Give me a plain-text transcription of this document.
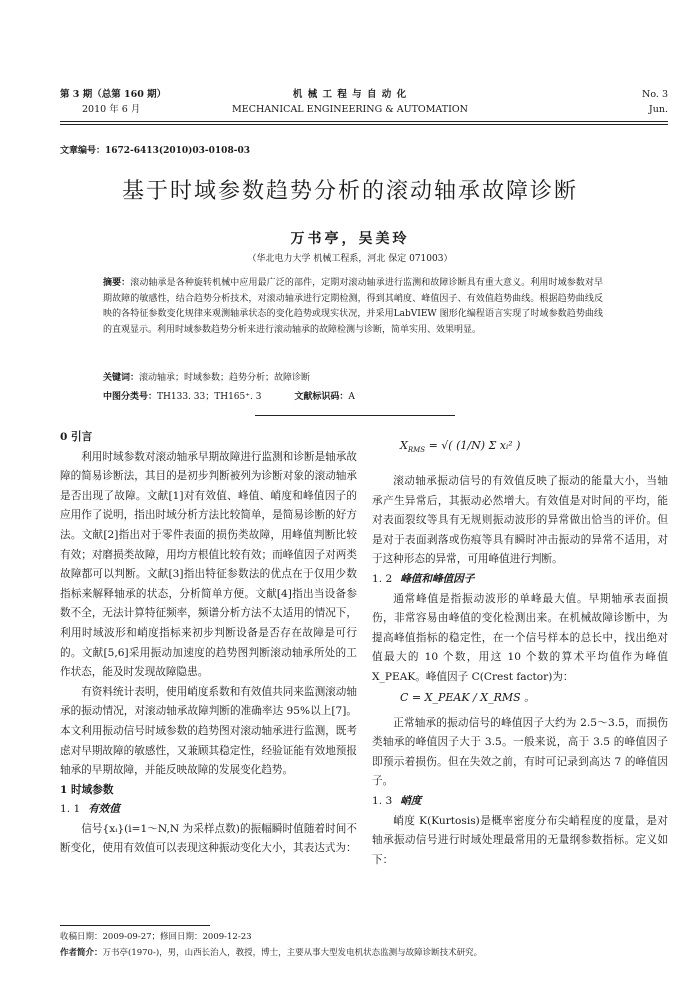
第 3 期（总第 160 期）
2010 年 6 月
机 械 工 程 与 自 动 化
MECHANICAL ENGINEERING & AUTOMATION
No. 3
Jun.
文章编号：1672-6413(2010)03-0108-03
基于时域参数趋势分析的滚动轴承故障诊断
万书亭，吴美玲
（华北电力大学 机械工程系，河北 保定 071003）
摘要：滚动轴承是各种旋转机械中应用最广泛的部件，定期对滚动轴承进行监测和故障诊断具有重大意义。利用时域参数对早期故障的敏感性，结合趋势分析技术，对滚动轴承进行定期检测，得到其峭度、峰值因子、有效值趋势曲线。根据趋势曲线反映的各特征参数变化规律来观测轴承状态的变化趋势或现实状况，并采用LabVIEW 图形化编程语言实现了时域参数趋势曲线的直观显示。利用时域参数趋势分析来进行滚动轴承的故障检测与诊断，简单实用、效果明显。
关键词：滚动轴承；时域参数；趋势分析；故障诊断
中图分类号：TH133. 33；TH165⁺. 3	文献标识码：A

0 引言

利用时域参数对滚动轴承早期故障进行监测和诊断是轴承故障的简易诊断法，其目的是初步判断被列为诊断对象的滚动轴承是否出现了故障。文献[1]对有效值、峰值、峭度和峰值因子的应用作了说明，指出时域分析方法比较简单，是简易诊断的好方法。文献[2]指出对于零件表面的损伤类故障，用峰值判断比较有效；对磨损类故障，用均方根值比较有效；而峰值因子对两类故障都可以判断。文献[3]指出特征参数法的优点在于仅用少数指标来解释轴承的状态，分析简单方便。文献[4]指出当设备参数不全，无法计算特征频率，频谱分析方法不太适用的情况下，利用时域波形和峭度指标来初步判断设备是否存在故障是可行的。文献[5,6]采用振动加速度的趋势图判断滚动轴承所处的工作状态，能及时发现故障隐患。

有资料统计表明，使用峭度系数和有效值共同来监测滚动轴承的振动情况，对滚动轴承故障判断的准确率达 95%以上[7]。本文利用振动信号时域参数的趋势图对滚动轴承进行监测，既考虑对早期故障的敏感性，又兼顾其稳定性，经验证能有效地预报轴承的早期故障，并能反映故障的发展变化趋势。

1 时域参数

1. 1 有效值

信号{xᵢ}(i=1～N,N 为采样点数)的振幅瞬时值随着时间不断变化，使用有效值可以表现这种振动变化大小，其表达式为：

$X_{RMS}$ = √( (1/N) Σ xᵢ² )

滚动轴承振动信号的有效值反映了振动的能量大小，当轴承产生异常后，其振动必然增大。有效值是对时间的平均，能对表面裂纹等具有无规则振动波形的异常做出恰当的评价。但是对于表面剥落或伤痕等具有瞬时冲击振动的异常不适用，对于这种形态的异常，可用峰值进行判断。

1. 2 峰值和峰值因子

通常峰值是指振动波形的单峰最大值。早期轴承表面损伤，非常容易由峰值的变化检测出来。在机械故障诊断中，为提高峰值指标的稳定性，在一个信号样本的总长中，找出绝对值最大的 10 个数，用这 10 个数的算术平均值作为峰值 X_PEAK。峰值因子 C(Crest factor)为：

C = X_PEAK / X_RMS 。

正常轴承的振动信号的峰值因子大约为 2.5～3.5，而损伤类轴承的峰值因子大于 3.5。一般来说，高于 3.5 的峰值因子即预示着损伤。但在失效之前，有时可记录到高达 7 的峰值因子。

1. 3 峭度

峭度 K(Kurtosis)是概率密度分布尖峭程度的度量，是对轴承振动信号进行时域处理最常用的无量纲参数指标。定义如下：

收稿日期：2009-09-27；修回日期：2009-12-23
作者简介：万书亭(1970-)，男，山西长治人，教授，博士，主要从事大型发电机状态监测与故障诊断技术研究。
